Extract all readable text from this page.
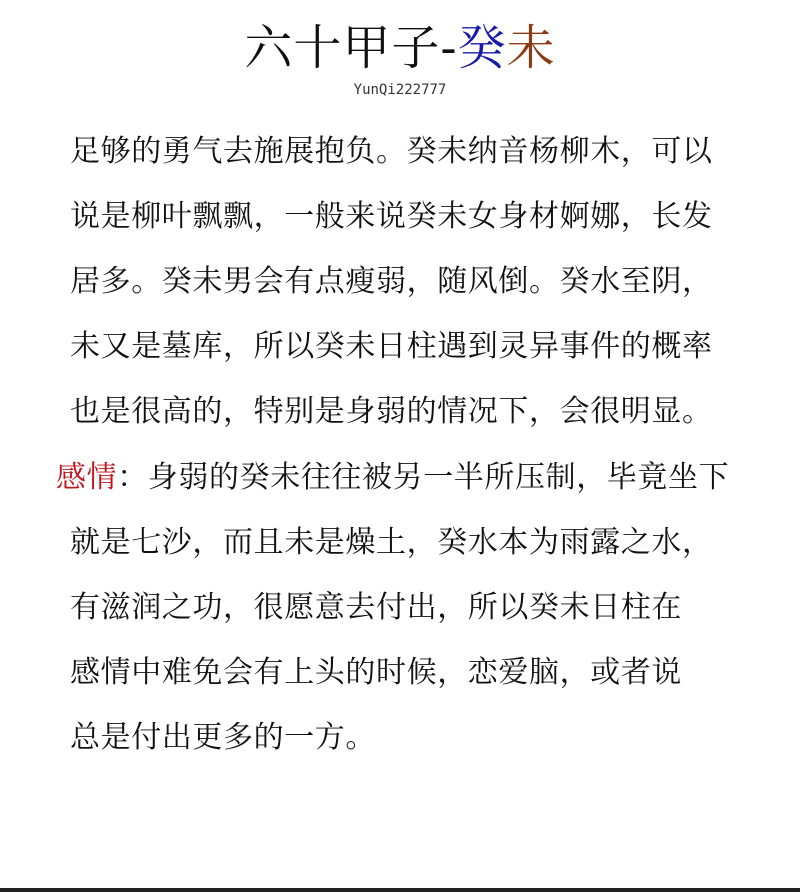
六十甲子-癸未
YunQi222777
足够的勇气去施展抱负。癸未纳音杨柳木，可以
说是柳叶飘飘，一般来说癸未女身材婀娜，长发
居多。癸未男会有点瘦弱，随风倒。癸水至阴，
未又是墓库，所以癸未日柱遇到灵异事件的概率
也是很高的，特别是身弱的情况下，会很明显。
感情：身弱的癸未往往被另一半所压制，毕竟坐下
就是七沙，而且未是燥土，癸水本为雨露之水，
有滋润之功，很愿意去付出，所以癸未日柱在
感情中难免会有上头的时候，恋爱脑，或者说
总是付出更多的一方。
